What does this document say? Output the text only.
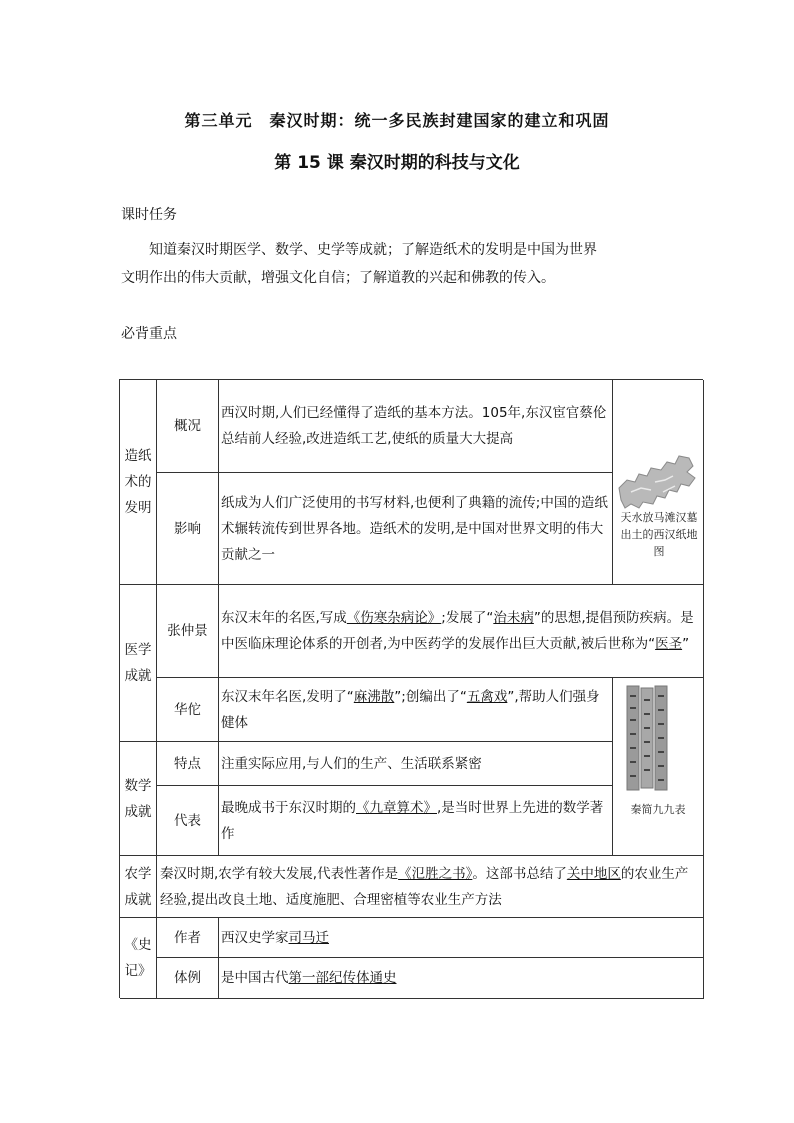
第三单元　秦汉时期：统一多民族封建国家的建立和巩固
第 15 课 秦汉时期的科技与文化
课时任务
知道秦汉时期医学、数学、史学等成就；了解造纸术的发明是中国为世界
文明作出的伟大贡献，增强文化自信；了解道教的兴起和佛教的传入。
必背重点
造纸术的发明
概况
西汉时期,人们已经懂得了造纸的基本方法。105年,东汉宦官蔡伦总结前人经验,改进造纸工艺,使纸的质量大大提高
纸成为人们广泛使用的书写材料,也便利了典籍的流传;中国的造纸术辗转流传到世界各地。造纸术的发明,是中国对世界文明的伟大贡献之一
影响
天水放马滩汉墓出土的西汉纸地图
医学成就
张仲景
东汉末年的名医,写成《伤寒杂病论》;发展了“治未病”的思想,提倡预防疾病。是中医临床理论体系的开创者,为中医药学的发展作出巨大贡献,被后世称为“医圣”
华佗
东汉末年名医,发明了“麻沸散”;创编出了“五禽戏”,帮助人们强身健体
秦简九九表
数学成就
特点 注重实际应用,与人们的生产、生活联系紧密
代表
最晚成书于东汉时期的《九章算术》,是当时世界上先进的数学著作
农学成就
秦汉时期,农学有较大发展,代表性著作是《氾胜之书》。这部书总结了关中地区的农业生产经验,提出改良土地、适度施肥、合理密植等农业生产方法
《史记》
作者 西汉史学家司马迁
体例 是中国古代第一部纪传体通史
